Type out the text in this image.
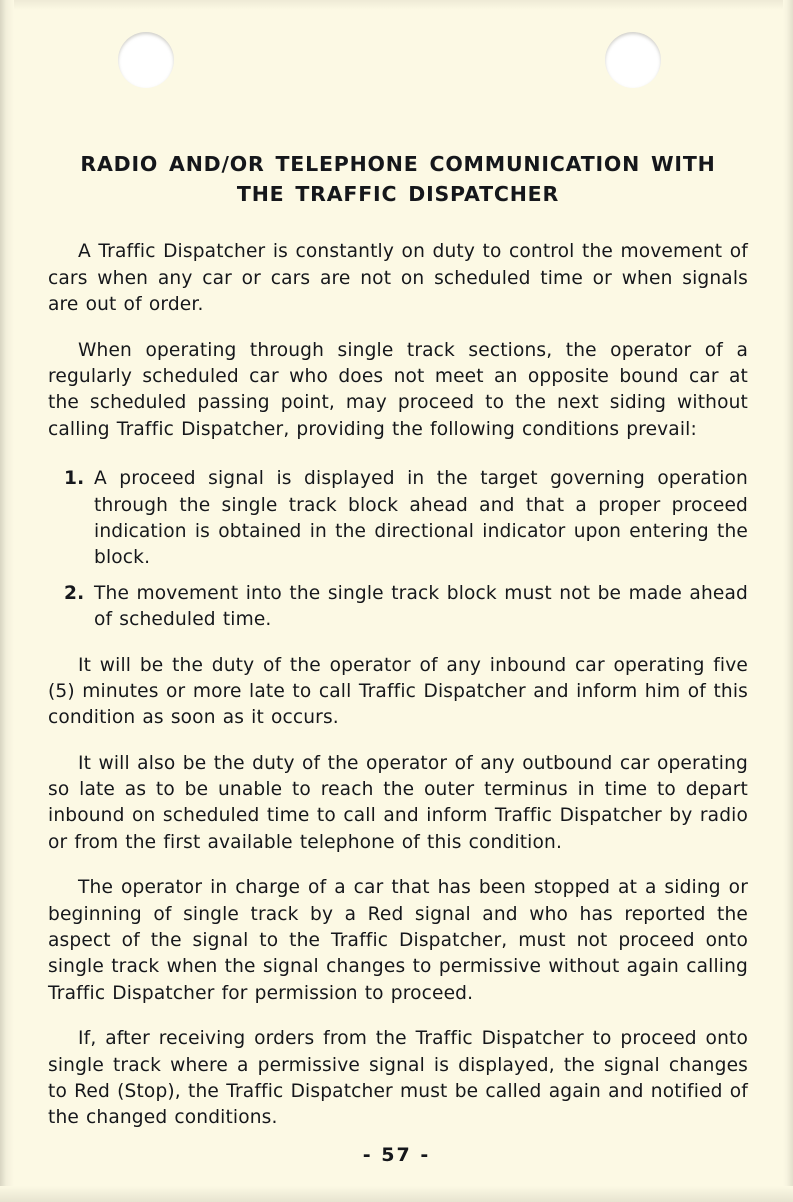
RADIO AND/OR TELEPHONE COMMUNICATION WITH
THE TRAFFIC DISPATCHER

A Traffic Dispatcher is constantly on duty to control the movement of cars when any car or cars are not on scheduled time or when signals are out of order.

When operating through single track sections, the operator of a regularly scheduled car who does not meet an opposite bound car at the scheduled passing point, may proceed to the next siding without calling Traffic Dispatcher, providing the following conditions prevail:

1. A proceed signal is displayed in the target governing operation through the single track block ahead and that a proper proceed indication is obtained in the directional indicator upon entering the block.
2. The movement into the single track block must not be made ahead of scheduled time.

It will be the duty of the operator of any inbound car operating five (5) minutes or more late to call Traffic Dispatcher and inform him of this condition as soon as it occurs.

It will also be the duty of the operator of any outbound car operating so late as to be unable to reach the outer terminus in time to depart inbound on scheduled time to call and inform Traffic Dispatcher by radio or from the first available telephone of this condition.

The operator in charge of a car that has been stopped at a siding or beginning of single track by a Red signal and who has reported the aspect of the signal to the Traffic Dispatcher, must not proceed onto single track when the signal changes to permissive without again calling Traffic Dispatcher for permission to proceed.

If, after receiving orders from the Traffic Dispatcher to proceed onto single track where a permissive signal is displayed, the signal changes to Red (Stop), the Traffic Dispatcher must be called again and notified of the changed conditions.

- 57 -
